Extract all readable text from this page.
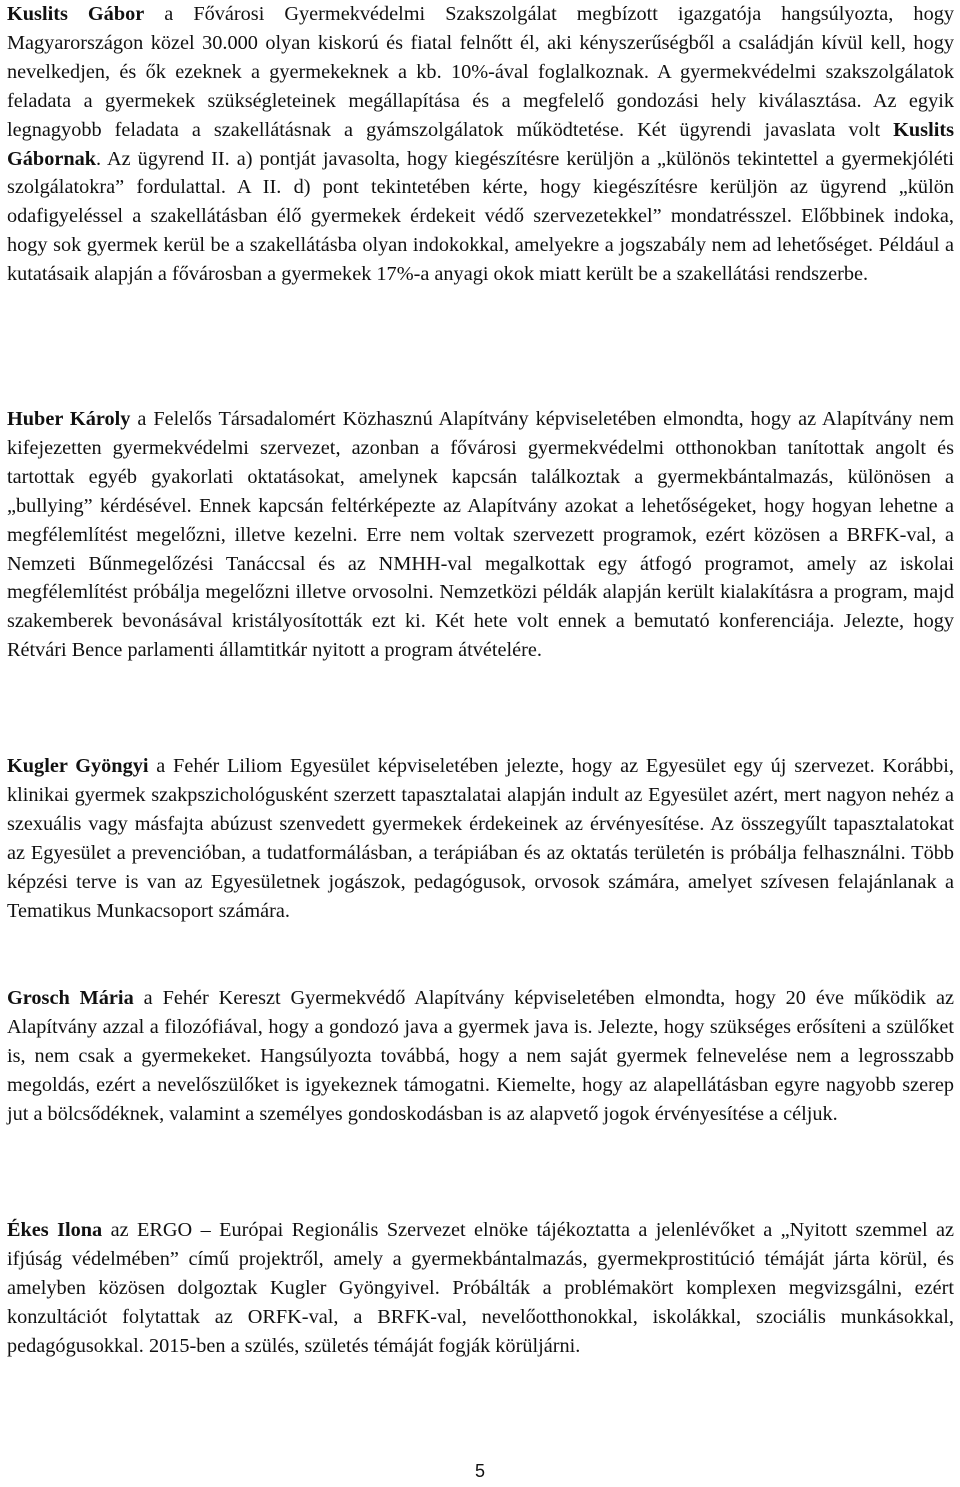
Kuslits Gábor a Fővárosi Gyermekvédelmi Szakszolgálat megbízott igazgatója hangsúlyozta, hogy Magyarországon közel 30.000 olyan kiskorú és fiatal felnőtt él, aki kényszerűségből a családján kívül kell, hogy nevelkedjen, és ők ezeknek a gyermekeknek a kb. 10%-ával foglalkoznak. A gyermekvédelmi szakszolgálatok feladata a gyermekek szükségleteinek megállapítása és a megfelelő gondozási hely kiválasztása. Az egyik legnagyobb feladata a szakellátásnak a gyámszolgálatok működtetése. Két ügyrendi javaslata volt Kuslits Gábornak. Az ügyrend II. a) pontját javasolta, hogy kiegészítésre kerüljön a „különös tekintettel a gyermekjóléti szolgálatokra” fordulattal. A II. d) pont tekintetében kérte, hogy kiegészítésre kerüljön az ügyrend „külön odafigyeléssel a szakellátásban élő gyermekek érdekeit védő szervezetekkel” mondatrésszel. Előbbinek indoka, hogy sok gyermek kerül be a szakellátásba olyan indokokkal, amelyekre a jogszabály nem ad lehetőséget. Például a kutatásaik alapján a fővárosban a gyermekek 17%-a anyagi okok miatt került be a szakellátási rendszerbe.

Huber Károly a Felelős Társadalomért Közhasznú Alapítvány képviseletében elmondta, hogy az Alapítvány nem kifejezetten gyermekvédelmi szervezet, azonban a fővárosi gyermekvédelmi otthonokban tanítottak angolt és tartottak egyéb gyakorlati oktatásokat, amelynek kapcsán találkoztak a gyermekbántalmazás, különösen a „bullying” kérdésével. Ennek kapcsán feltérképezte az Alapítvány azokat a lehetőségeket, hogy hogyan lehetne a megfélemlítést megelőzni, illetve kezelni. Erre nem voltak szervezett programok, ezért közösen a BRFK-val, a Nemzeti Bűnmegelőzési Tanáccsal és az NMHH-val megalkottak egy átfogó programot, amely az iskolai megfélemlítést próbálja megelőzni illetve orvosolni. Nemzetközi példák alapján került kialakításra a program, majd szakemberek bevonásával kristályosították ezt ki. Két hete volt ennek a bemutató konferenciája. Jelezte, hogy Rétvári Bence parlamenti államtitkár nyitott a program átvételére.

Kugler Gyöngyi a Fehér Liliom Egyesület képviseletében jelezte, hogy az Egyesület egy új szervezet. Korábbi, klinikai gyermek szakpszichológusként szerzett tapasztalatai alapján indult az Egyesület azért, mert nagyon nehéz a szexuális vagy másfajta abúzust szenvedett gyermekek érdekeinek az érvényesítése. Az összegyűlt tapasztalatokat az Egyesület a prevencióban, a tudatformálásban, a terápiában és az oktatás területén is próbálja felhasználni. Több képzési terve is van az Egyesületnek jogászok, pedagógusok, orvosok számára, amelyet szívesen felajánlanak a Tematikus Munkacsoport számára.

Grosch Mária a Fehér Kereszt Gyermekvédő Alapítvány képviseletében elmondta, hogy 20 éve működik az Alapítvány azzal a filozófiával, hogy a gondozó java a gyermek java is. Jelezte, hogy szükséges erősíteni a szülőket is, nem csak a gyermekeket. Hangsúlyozta továbbá, hogy a nem saját gyermek felnevelése nem a legrosszabb megoldás, ezért a nevelőszülőket is igyekeznek támogatni. Kiemelte, hogy az alapellátásban egyre nagyobb szerep jut a bölcsődéknek, valamint a személyes gondoskodásban is az alapvető jogok érvényesítése a céljuk.

Ékes Ilona az ERGO – Európai Regionális Szervezet elnöke tájékoztatta a jelenlévőket a „Nyitott szemmel az ifjúság védelmében” című projektről, amely a gyermekbántalmazás, gyermekprostitúció témáját járta körül, és amelyben közösen dolgoztak Kugler Gyöngyivel. Próbálták a problémakört komplexen megvizsgálni, ezért konzultációt folytattak az ORFK-val, a BRFK-val, nevelőotthonokkal, iskolákkal, szociális munkásokkal, pedagógusokkal. 2015-ben a szülés, születés témáját fogják körüljárni.

5
